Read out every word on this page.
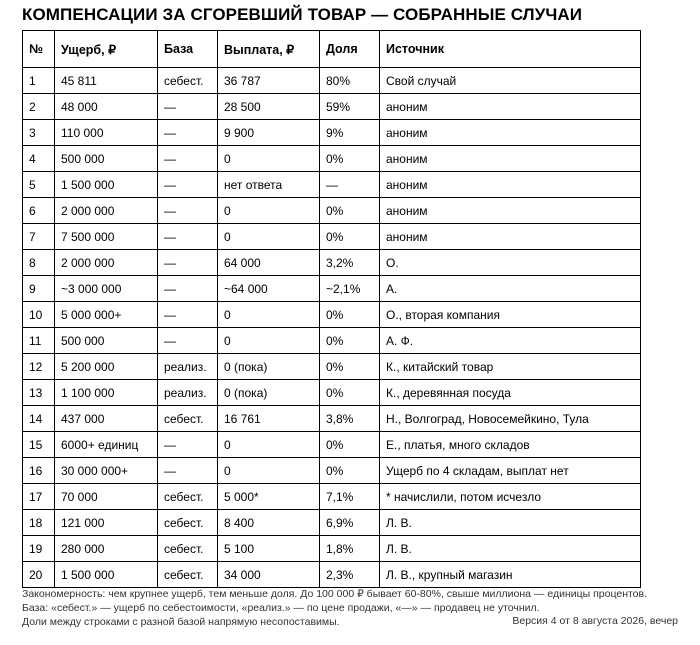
КОМПЕНСАЦИИ ЗА СГОРЕВШИЙ ТОВАР — СОБРАННЫЕ СЛУЧАИ
№	Ущерб, ₽	База	Выплата, ₽	Доля	Источник
1	45 811	себест.	36 787	80%	Свой случай
2	48 000	—	28 500	59%	аноним
3	110 000	—	9 900	9%	аноним
4	500 000	—	0	0%	аноним
5	1 500 000	—	нет ответа	—	аноним
6	2 000 000	—	0	0%	аноним
7	7 500 000	—	0	0%	аноним
8	2 000 000	—	64 000	3,2%	О.
9	~3 000 000	—	~64 000	~2,1%	А.
10	5 000 000+	—	0	0%	О., вторая компания
11	500 000	—	0	0%	А. Ф.
12	5 200 000	реализ.	0 (пока)	0%	К., китайский товар
13	1 100 000	реализ.	0 (пока)	0%	К., деревянная посуда
14	437 000	себест.	16 761	3,8%	Н., Волгоград, Новосемейкино, Тула
15	6000+ единиц	—	0	0%	Е., платья, много складов
16	30 000 000+	—	0	0%	Ущерб по 4 складам, выплат нет
17	70 000	себест.	5 000*	7,1%	* начислили, потом исчезло
18	121 000	себест.	8 400	6,9%	Л. В.
19	280 000	себест.	5 100	1,8%	Л. В.
20	1 500 000	себест.	34 000	2,3%	Л. В., крупный магазин
Закономерность: чем крупнее ущерб, тем меньше доля. До 100 000 ₽ бывает 60-80%, свыше миллиона — единицы процентов.
База: «себест.» — ущерб по себестоимости, «реализ.» — по цене продажи, «—» — продавец не уточнил.
Доли между строками с разной базой напрямую несопоставимы.	Версия 4 от 8 августа 2026, вечер
